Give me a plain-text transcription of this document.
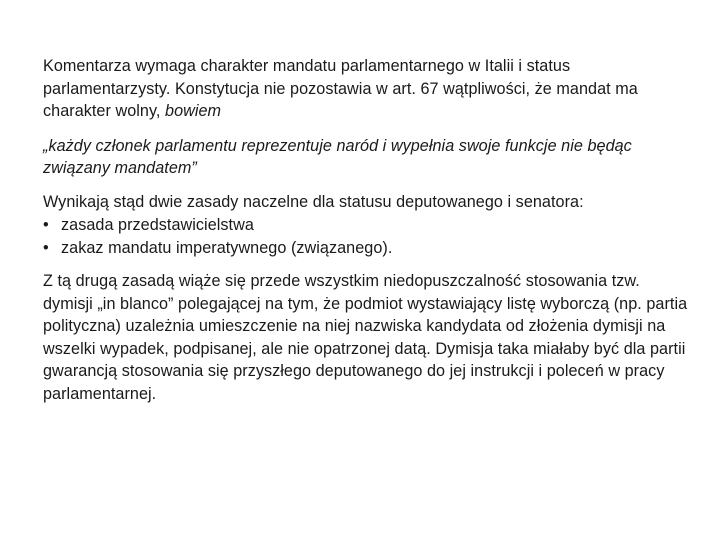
Komentarza wymaga charakter mandatu parlamentarnego w Italii i status parlamentarzysty. Konstytucja nie pozostawia w art. 67 wątpliwości, że mandat ma charakter wolny, bowiem

„każdy członek parlamentu reprezentuje naród i wypełnia swoje funkcje nie będąc związany mandatem”

Wynikają stąd dwie zasady naczelne dla statusu deputowanego i senatora:

• zasada przedstawicielstwa
• zakaz mandatu imperatywnego (związanego).

Z tą drugą zasadą wiąże się przede wszystkim niedopuszczalność stosowania tzw. dymisji „in blanco” polegającej na tym, że podmiot wystawiający listę wyborczą (np. partia polityczna) uzależnia umieszczenie na niej nazwiska kandydata od złożenia dymisji na wszelki wypadek, podpisanej, ale nie opatrzonej datą. Dymisja taka miałaby być dla partii gwarancją stosowania się przyszłego deputowanego do jej instrukcji i poleceń w pracy parlamentarnej.
